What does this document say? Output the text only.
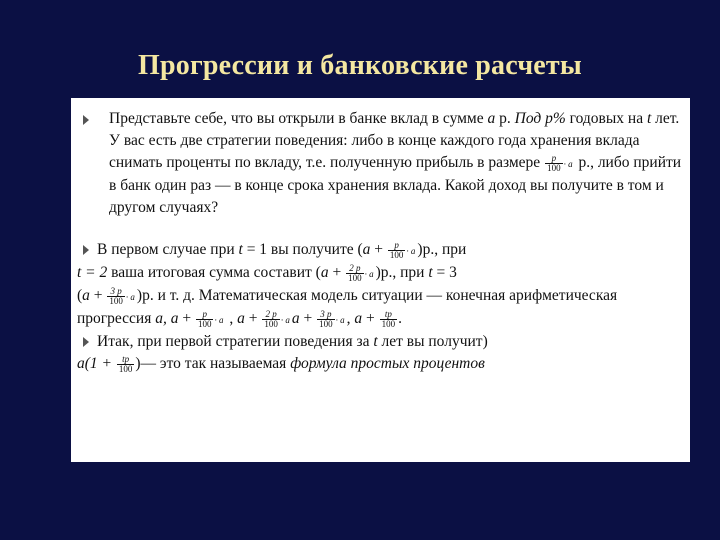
Прогрессии и банковские расчеты
Представьте себе, что вы открыли в банке вклад в сумме a р. Под p% годовых на t лет. У вас есть две стратегии поведения: либо в конце каждого года хранения вклада снимать проценты по вкладу, т.е. полученную прибыль в размере $\frac{p}{100} \cdot a$ р., либо прийти в банк один раз — в конце срока хранения вклада. Какой доход вы получите в том и другом случаях?
В первом случае при t = 1 вы получите ($a + \frac{p}{100} \cdot a$ )р., при
t = 2 ваша итоговая сумма составит ($a + \frac{2 p}{100} \cdot a$ )р., при t = 3
($a + \frac{3 p}{100} \cdot a$ )р. и т. д. Математическая модель ситуации — конечная арифметическая прогрессия a, $a + \frac{p}{100} \cdot a$ , $a + \frac{2 p}{100} \cdot a$ $a + \frac{3 p}{100} \cdot a$ , $a + \frac{tp}{100}$ .
Итак, при первой стратегии поведения за t лет вы получит)
$a(1 + \frac{tp}{100}$ )— это так называемая формула простых процентов
